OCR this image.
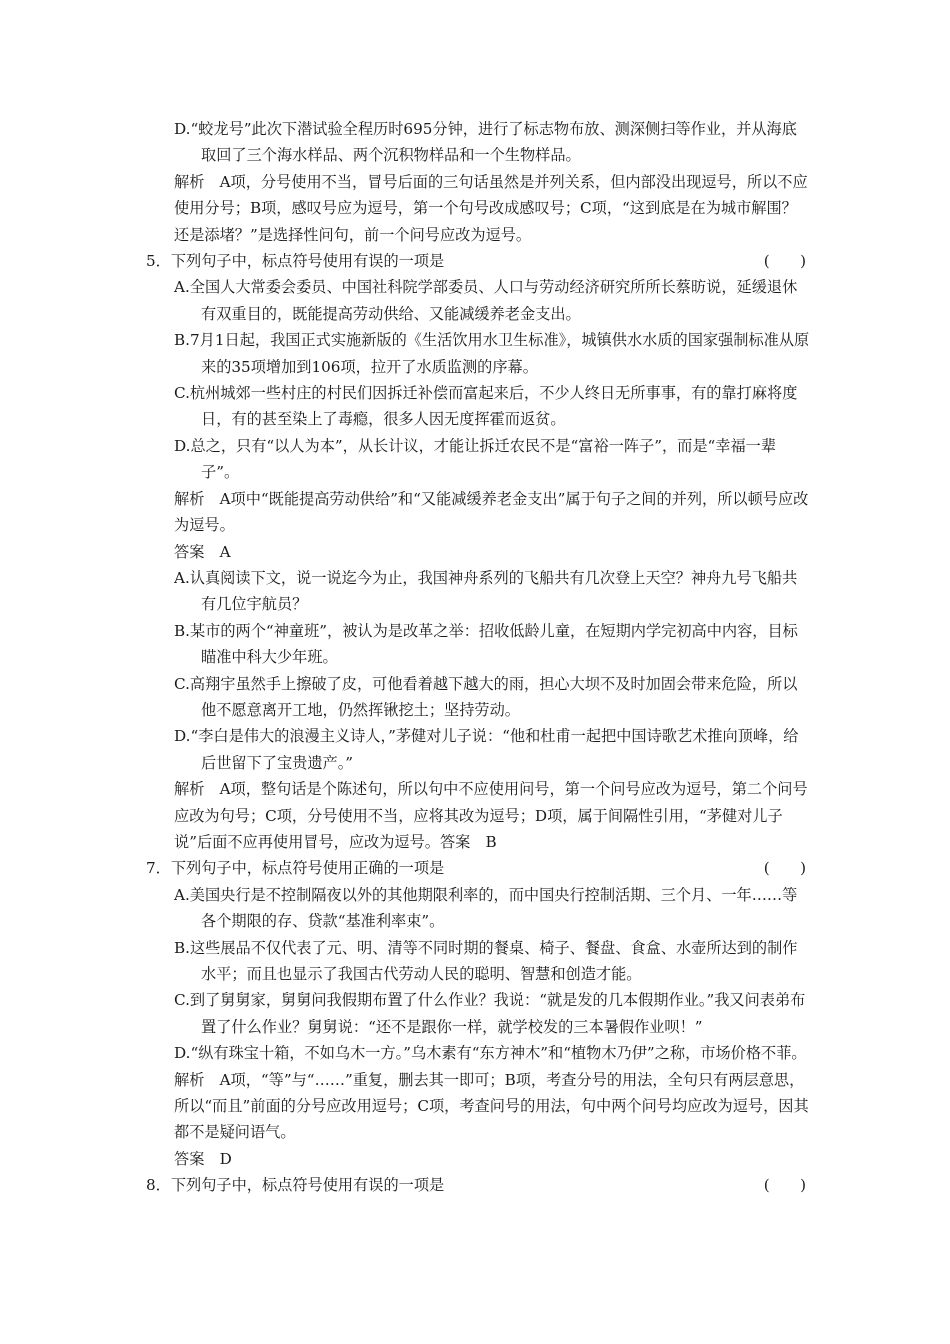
D.“蛟龙号”此次下潜试验全程历时695分钟，进行了标志物布放、测深侧扫等作业，并从海底取回了三个海水样品、两个沉积物样品和一个生物样品。

解析　A项，分号使用不当，冒号后面的三句话虽然是并列关系，但内部没出现逗号，所以不应使用分号；B项，感叹号应为逗号，第一个句号改成感叹号；C项，“这到底是在为城市解围？还是添堵？”是选择性问句，前一个问号应改为逗号。

5．下列句子中，标点符号使用有误的一项是	(　　)

A.全国人大常委会委员、中国社科院学部委员、人口与劳动经济研究所所长蔡昉说，延缓退休有双重目的，既能提高劳动供给、又能减缓养老金支出。

B.7月1日起，我国正式实施新版的《生活饮用水卫生标准》，城镇供水水质的国家强制标准从原来的35项增加到106项，拉开了水质监测的序幕。

C.杭州城郊一些村庄的村民们因拆迁补偿而富起来后，不少人终日无所事事，有的靠打麻将度日，有的甚至染上了毒瘾，很多人因无度挥霍而返贫。

D.总之，只有“以人为本”，从长计议，才能让拆迁农民不是“富裕一阵子”，而是“幸福一辈子”。

解析　A项中“既能提高劳动供给”和“又能减缓养老金支出”属于句子之间的并列，所以顿号应改为逗号。

答案　A

A.认真阅读下文，说一说迄今为止，我国神舟系列的飞船共有几次登上天空？神舟九号飞船共有几位宇航员？

B.某市的两个“神童班”，被认为是改革之举：招收低龄儿童，在短期内学完初高中内容，目标瞄准中科大少年班。

C.高翔宇虽然手上擦破了皮，可他看着越下越大的雨，担心大坝不及时加固会带来危险，所以他不愿意离开工地，仍然挥锹挖土；坚持劳动。

D.“李白是伟大的浪漫主义诗人，”茅健对儿子说：“他和杜甫一起把中国诗歌艺术推向顶峰，给后世留下了宝贵遗产。”

解析　A项，整句话是个陈述句，所以句中不应使用问号，第一个问号应改为逗号，第二个问号应改为句号；C项，分号使用不当，应将其改为逗号；D项，属于间隔性引用，“茅健对儿子说”后面不应再使用冒号，应改为逗号。答案　B

7．下列句子中，标点符号使用正确的一项是	(　　)

A.美国央行是不控制隔夜以外的其他期限利率的，而中国央行控制活期、三个月、一年……等各个期限的存、贷款“基准利率束”。

B.这些展品不仅代表了元、明、清等不同时期的餐桌、椅子、餐盘、食盒、水壶所达到的制作水平；而且也显示了我国古代劳动人民的聪明、智慧和创造才能。

C.到了舅舅家，舅舅问我假期布置了什么作业？我说：“就是发的几本假期作业。”我又问表弟布置了什么作业？舅舅说：“还不是跟你一样，就学校发的三本暑假作业呗！”

D.“纵有珠宝十箱，不如乌木一方。”乌木素有“东方神木”和“植物木乃伊”之称，市场价格不菲。

解析　A项，“等”与“……”重复，删去其一即可；B项，考查分号的用法，全句只有两层意思，所以“而且”前面的分号应改用逗号；C项，考查问号的用法，句中两个问号均应改为逗号，因其都不是疑问语气。

答案　D

8．下列句子中，标点符号使用有误的一项是	(　　)
